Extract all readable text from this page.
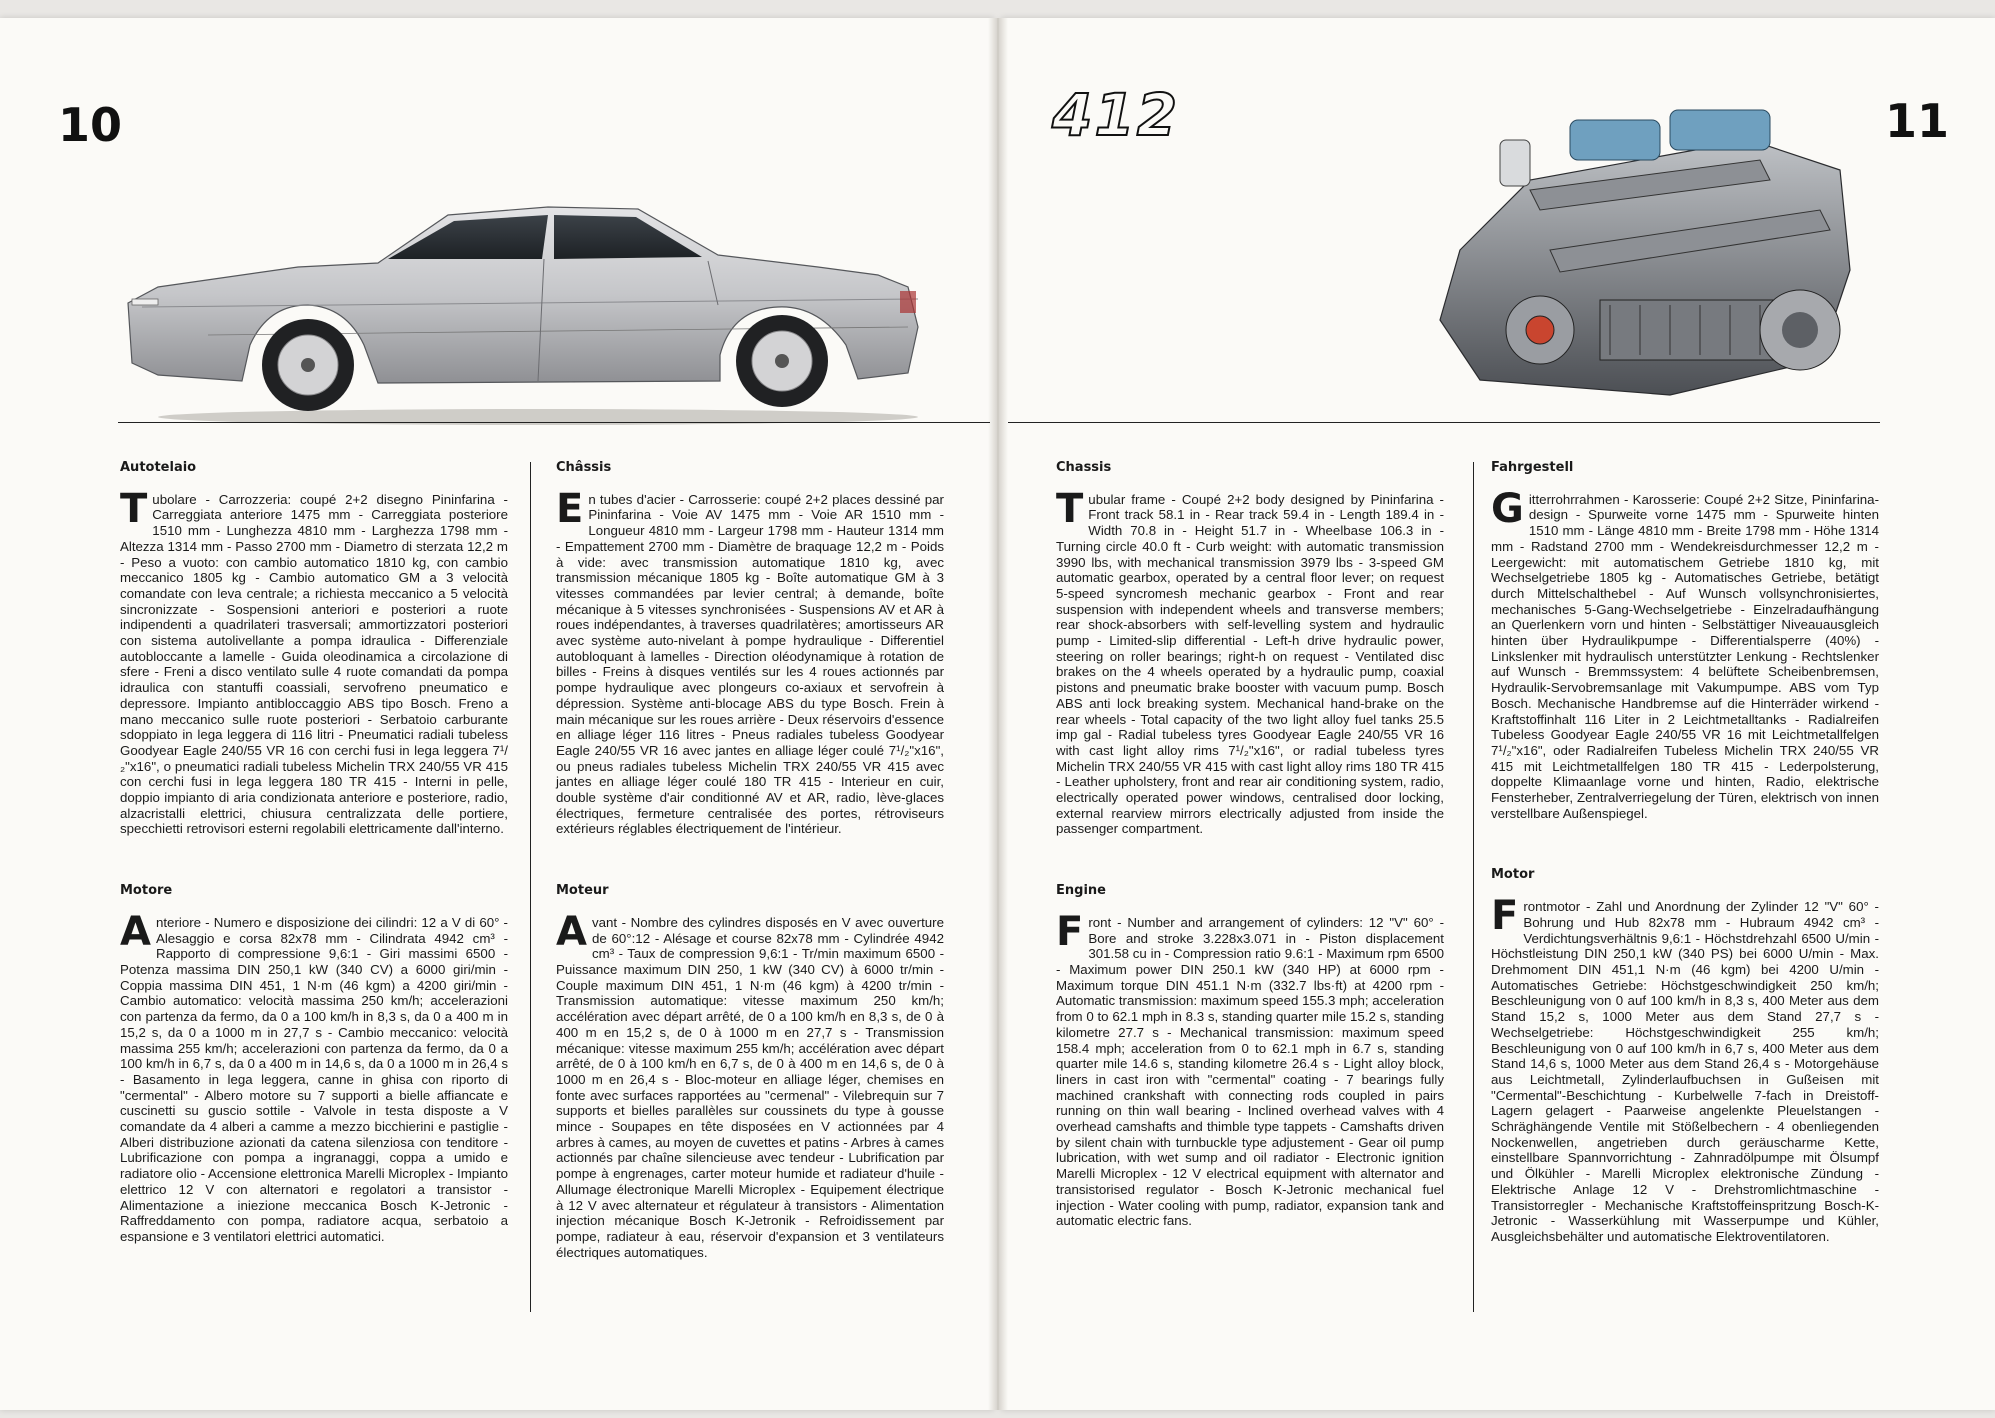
10	11
412
Autotelaio

Tubolare - Carrozzeria: coupé 2+2 disegno Pininfarina - Carreggiata anteriore 1475 mm - Carreggiata posteriore 1510 mm - Lunghezza 4810 mm - Larghezza 1798 mm - Altezza 1314 mm - Passo 2700 mm - Diametro di sterzata 12,2 m - Peso a vuoto: con cambio automatico 1810 kg, con cambio meccanico 1805 kg - Cambio automatico GM a 3 velocità comandate con leva centrale; a richiesta meccanico a 5 velocità sincronizzate - Sospensioni anteriori e posteriori a ruote indipendenti a quadrilateri trasversali; ammortizzatori posteriori con sistema autolivellante a pompa idraulica - Differenziale autobloccante a lamelle - Guida oleodinamica a circolazione di sfere - Freni a disco ventilato sulle 4 ruote comandati da pompa idraulica con stantuffi coassiali, servofreno pneumatico e depressore. Impianto antibloccaggio ABS tipo Bosch. Freno a mano meccanico sulle ruote posteriori - Serbatoio carburante sdoppiato in lega leggera di 116 litri - Pneumatici radiali tubeless Goodyear Eagle 240/55 VR 16 con cerchi fusi in lega leggera 7¹/₂"x16", o pneumatici radiali tubeless Michelin TRX 240/55 VR 415 con cerchi fusi in lega leggera 180 TR 415 - Interni in pelle, doppio impianto di aria condizionata anteriore e posteriore, radio, alzacristalli elettrici, chiusura centralizzata delle portiere, specchietti retrovisori esterni regolabili elettricamente dall'interno.

Motore

Anteriore - Numero e disposizione dei cilindri: 12 a V di 60° - Alesaggio e corsa 82x78 mm - Cilindrata 4942 cm³ - Rapporto di compressione 9,6:1 - Giri massimi 6500 - Potenza massima DIN 250,1 kW (340 CV) a 6000 giri/min - Coppia massima DIN 451, 1 N·m (46 kgm) a 4200 giri/min - Cambio automatico: velocità massima 250 km/h; accelerazioni con partenza da fermo, da 0 a 100 km/h in 8,3 s, da 0 a 400 m in 15,2 s, da 0 a 1000 m in 27,7 s - Cambio meccanico: velocità massima 255 km/h; accelerazioni con partenza da fermo, da 0 a 100 km/h in 6,7 s, da 0 a 400 m in 14,6 s, da 0 a 1000 m in 26,4 s - Basamento in lega leggera, canne in ghisa con riporto di "cermental" - Albero motore su 7 supporti a bielle affiancate e cuscinetti su guscio sottile - Valvole in testa disposte a V comandate da 4 alberi a camme a mezzo bicchierini e pastiglie - Alberi distribuzione azionati da catena silenziosa con tenditore - Lubrificazione con pompa a ingranaggi, coppa a umido e radiatore olio - Accensione elettronica Marelli Microplex - Impianto elettrico 12 V con alternatori e regolatori a transistor - Alimentazione a iniezione meccanica Bosch K-Jetronic - Raffreddamento con pompa, radiatore acqua, serbatoio a espansione e 3 ventilatori elettrici automatici.

Châssis

En tubes d'acier - Carrosserie: coupé 2+2 places dessiné par Pininfarina - Voie AV 1475 mm - Voie AR 1510 mm - Longueur 4810 mm - Largeur 1798 mm - Hauteur 1314 mm - Empattement 2700 mm - Diamètre de braquage 12,2 m - Poids à vide: avec transmission automatique 1810 kg, avec transmission mécanique 1805 kg - Boîte automatique GM à 3 vitesses commandées par levier central; à demande, boîte mécanique à 5 vitesses synchronisées - Suspensions AV et AR à roues indépendantes, à traverses quadrilatères; amortisseurs AR avec système auto-nivelant à pompe hydraulique - Differentiel autobloquant à lamelles - Direction oléodynamique à rotation de billes - Freins à disques ventilés sur les 4 roues actionnés par pompe hydraulique avec plongeurs co-axiaux et servofrein à dépression. Système anti-blocage ABS du type Bosch. Frein à main mécanique sur les roues arrière - Deux réservoirs d'essence en alliage léger 116 litres - Pneus radiales tubeless Goodyear Eagle 240/55 VR 16 avec jantes en alliage léger coulé 7¹/₂"x16", ou pneus radiales tubeless Michelin TRX 240/55 VR 415 avec jantes en alliage léger coulé 180 TR 415 - Interieur en cuir, double système d'air conditionné AV et AR, radio, lève-glaces électriques, fermeture centralisée des portes, rétroviseurs extérieurs réglables électriquement de l'intérieur.

Moteur

Avant - Nombre des cylindres disposés en V avec ouverture de 60°:12 - Alésage et course 82x78 mm - Cylindrée 4942 cm³ - Taux de compression 9,6:1 - Tr/min maximum 6500 - Puissance maximum DIN 250, 1 kW (340 CV) à 6000 tr/min - Couple maximum DIN 451, 1 N·m (46 kgm) à 4200 tr/min - Transmission automatique: vitesse maximum 250 km/h; accélération avec départ arrêté, de 0 a 100 km/h en 8,3 s, de 0 à 400 m en 15,2 s, de 0 à 1000 m en 27,7 s - Transmission mécanique: vitesse maximum 255 km/h; accélération avec départ arrêté, de 0 à 100 km/h en 6,7 s, de 0 à 400 m en 14,6 s, de 0 à 1000 m en 26,4 s - Bloc-moteur en alliage léger, chemises en fonte avec surfaces rapportées au "cermenal" - Vilebrequin sur 7 supports et bielles parallèles sur coussinets du type à gousse mince - Soupapes en tête disposées en V actionnées par 4 arbres à cames, au moyen de cuvettes et patins - Arbres à cames actionnés par chaîne silencieuse avec tendeur - Lubrification par pompe à engrenages, carter moteur humide et radiateur d'huile - Allumage électronique Marelli Microplex - Equipement électrique à 12 V avec alternateur et régulateur à transistors - Alimentation injection mécanique Bosch K-Jetronik - Refroidissement par pompe, radiateur à eau, réservoir d'expansion et 3 ventilateurs électriques automatiques.

Chassis

Tubular frame - Coupé 2+2 body designed by Pininfarina - Front track 58.1 in - Rear track 59.4 in - Length 189.4 in - Width 70.8 in - Height 51.7 in - Wheelbase 106.3 in - Turning circle 40.0 ft - Curb weight: with automatic transmission 3990 lbs, with mechanical transmission 3979 lbs - 3-speed GM automatic gearbox, operated by a central floor lever; on request 5-speed syncromesh mechanic gearbox - Front and rear suspension with independent wheels and transverse members; rear shock-absorbers with self-levelling system and hydraulic pump - Limited-slip differential - Left-h drive hydraulic power, steering on roller bearings; right-h on request - Ventilated disc brakes on the 4 wheels operated by a hydraulic pump, coaxial pistons and pneumatic brake booster with vacuum pump. Bosch ABS anti lock breaking system. Mechanical hand-brake on the rear wheels - Total capacity of the two light alloy fuel tanks 25.5 imp gal - Radial tubeless tyres Goodyear Eagle 240/55 VR 16 with cast light alloy rims 7¹/₂"x16", or radial tubeless tyres Michelin TRX 240/55 VR 415 with cast light alloy rims 180 TR 415 - Leather upholstery, front and rear air conditioning system, radio, electrically operated power windows, centralised door locking, external rearview mirrors electrically adjusted from inside the passenger compartment.

Engine

Front - Number and arrangement of cylinders: 12 "V" 60° - Bore and stroke 3.228x3.071 in - Piston displacement 301.58 cu in - Compression ratio 9.6:1 - Maximum rpm 6500 - Maximum power DIN 250.1 kW (340 HP) at 6000 rpm - Maximum torque DIN 451.1 N·m (332.7 lbs·ft) at 4200 rpm - Automatic transmission: maximum speed 155.3 mph; acceleration from 0 to 62.1 mph in 8.3 s, standing quarter mile 15.2 s, standing kilometre 27.7 s - Mechanical transmission: maximum speed 158.4 mph; acceleration from 0 to 62.1 mph in 6.7 s, standing quarter mile 14.6 s, standing kilometre 26.4 s - Light alloy block, liners in cast iron with "cermental" coating - 7 bearings fully machined crankshaft with connecting rods coupled in pairs running on thin wall bearing - Inclined overhead valves with 4 overhead camshafts and thimble type tappets - Camshafts driven by silent chain with turnbuckle type adjustement - Gear oil pump lubrication, with wet sump and oil radiator - Electronic ignition Marelli Microplex - 12 V electrical equipment with alternator and transistorised regulator - Bosch K-Jetronic mechanical fuel injection - Water cooling with pump, radiator, expansion tank and automatic electric fans.

Fahrgestell

Gitterrohrrahmen - Karosserie: Coupé 2+2 Sitze, Pininfarina-design - Spurweite vorne 1475 mm - Spurweite hinten 1510 mm - Länge 4810 mm - Breite 1798 mm - Höhe 1314 mm - Radstand 2700 mm - Wendekreisdurchmesser 12,2 m - Leergewicht: mit automatischem Getriebe 1810 kg, mit Wechselgetriebe 1805 kg - Automatisches Getriebe, betätigt durch Mittelschalthebel - Auf Wunsch vollsynchronisiertes, mechanisches 5-Gang-Wechselgetriebe - Einzelradaufhängung an Querlenkern vorn und hinten - Selbstättiger Niveauausgleich hinten über Hydraulikpumpe - Differentialsperre (40%) - Linkslenker mit hydraulisch unterstützter Lenkung - Rechtslenker auf Wunsch - Bremmssystem: 4 belüftete Scheibenbremsen, Hydraulik-Servobremsanlage mit Vakumpumpe. ABS vom Typ Bosch. Mechanische Handbremse auf die Hinterräder wirkend - Kraftstoffinhalt 116 Liter in 2 Leichtmetalltanks - Radialreifen Tubeless Goodyear Eagle 240/55 VR 16 mit Leichtmetallfelgen 7¹/₂"x16", oder Radialreifen Tubeless Michelin TRX 240/55 VR 415 mit Leichtmetallfelgen 180 TR 415 - Lederpolsterung, doppelte Klimaanlage vorne und hinten, Radio, elektrische Fensterheber, Zentralverriegelung der Türen, elektrisch von innen verstellbare Außenspiegel.

Motor

Frontmotor - Zahl und Anordnung der Zylinder 12 "V" 60° - Bohrung und Hub 82x78 mm - Hubraum 4942 cm³ - Verdichtungsverhältnis 9,6:1 - Höchstdrehzahl 6500 U/min - Höchstleistung DIN 250,1 kW (340 PS) bei 6000 U/min - Max. Drehmoment DIN 451,1 N·m (46 kgm) bei 4200 U/min - Automatisches Getriebe: Höchstgeschwindigkeit 250 km/h; Beschleunigung von 0 auf 100 km/h in 8,3 s, 400 Meter aus dem Stand 15,2 s, 1000 Meter aus dem Stand 27,7 s - Wechselgetriebe: Höchstgeschwindigkeit 255 km/h; Beschleunigung von 0 auf 100 km/h in 6,7 s, 400 Meter aus dem Stand 14,6 s, 1000 Meter aus dem Stand 26,4 s - Motorgehäuse aus Leichtmetall, Zylinderlaufbuchsen in Gußeisen mit "Cermental"-Beschichtung - Kurbelwelle 7-fach in Dreistoff-Lagern gelagert - Paarweise angelenkte Pleuelstangen - Schräghängende Ventile mit Stößelbechern - 4 obenliegenden Nockenwellen, angetrieben durch geräuscharme Kette, einstellbare Spannvorrichtung - Zahnradölpumpe mit Ölsumpf und Ölkühler - Marelli Microplex elektronische Zündung - Elektrische Anlage 12 V - Drehstromlichtmaschine - Transistorregler - Mechanische Kraftstoffeinspritzung Bosch-K-Jetronic - Wasserkühlung mit Wasserpumpe und Kühler, Ausgleichsbehälter und automatische Elektroventilatoren.
